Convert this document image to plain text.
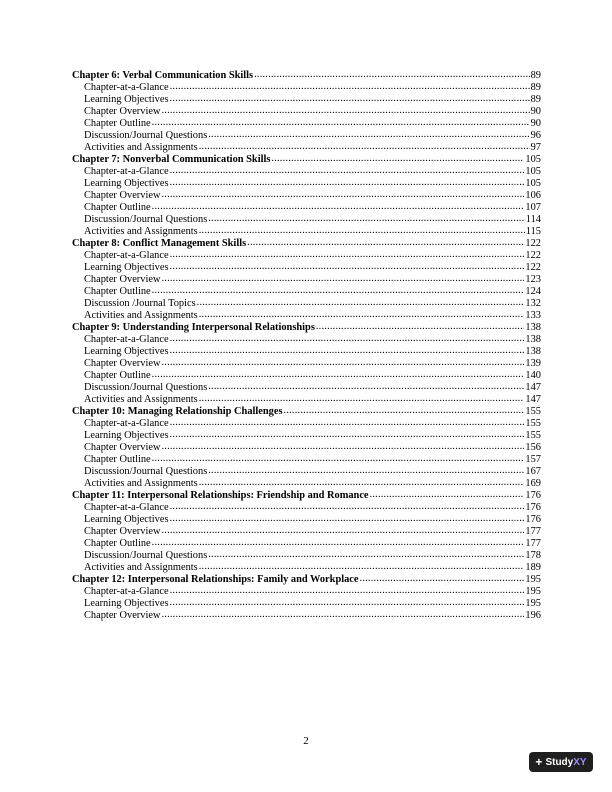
Chapter 6: Verbal Communication Skills .....	89
Chapter-at-a-Glance .....	89
Learning Objectives .....	89
Chapter Overview .....	90
Chapter Outline .....	90
Discussion/Journal Questions .....	96
Activities and Assignments .....	97
Chapter 7: Nonverbal Communication Skills .....	105
Chapter-at-a-Glance .....	105
Learning Objectives .....	105
Chapter Overview .....	106
Chapter Outline .....	107
Discussion/Journal Questions .....	114
Activities and Assignments .....	115
Chapter 8: Conflict Management Skills .....	122
Chapter-at-a-Glance .....	122
Learning Objectives .....	122
Chapter Overview .....	123
Chapter Outline .....	124
Discussion /Journal Topics .....	132
Activities and Assignments .....	133
Chapter 9: Understanding Interpersonal Relationships .....	138
Chapter-at-a-Glance .....	138
Learning Objectives .....	138
Chapter Overview .....	139
Chapter Outline .....	140
Discussion/Journal Questions .....	147
Activities and Assignments .....	147
Chapter 10: Managing Relationship Challenges .....	155
Chapter-at-a-Glance .....	155
Learning Objectives .....	155
Chapter Overview .....	156
Chapter Outline .....	157
Discussion/Journal Questions .....	167
Activities and Assignments .....	169
Chapter 11: Interpersonal Relationships: Friendship and Romance .....	176
Chapter-at-a-Glance .....	176
Learning Objectives .....	176
Chapter Overview .....	177
Chapter Outline .....	177
Discussion/Journal Questions .....	178
Activities and Assignments .....	189
Chapter 12: Interpersonal Relationships: Family and Workplace .....	195
Chapter-at-a-Glance .....	195
Learning Objectives .....	195
Chapter Overview .....	196
2
+ Study XY
